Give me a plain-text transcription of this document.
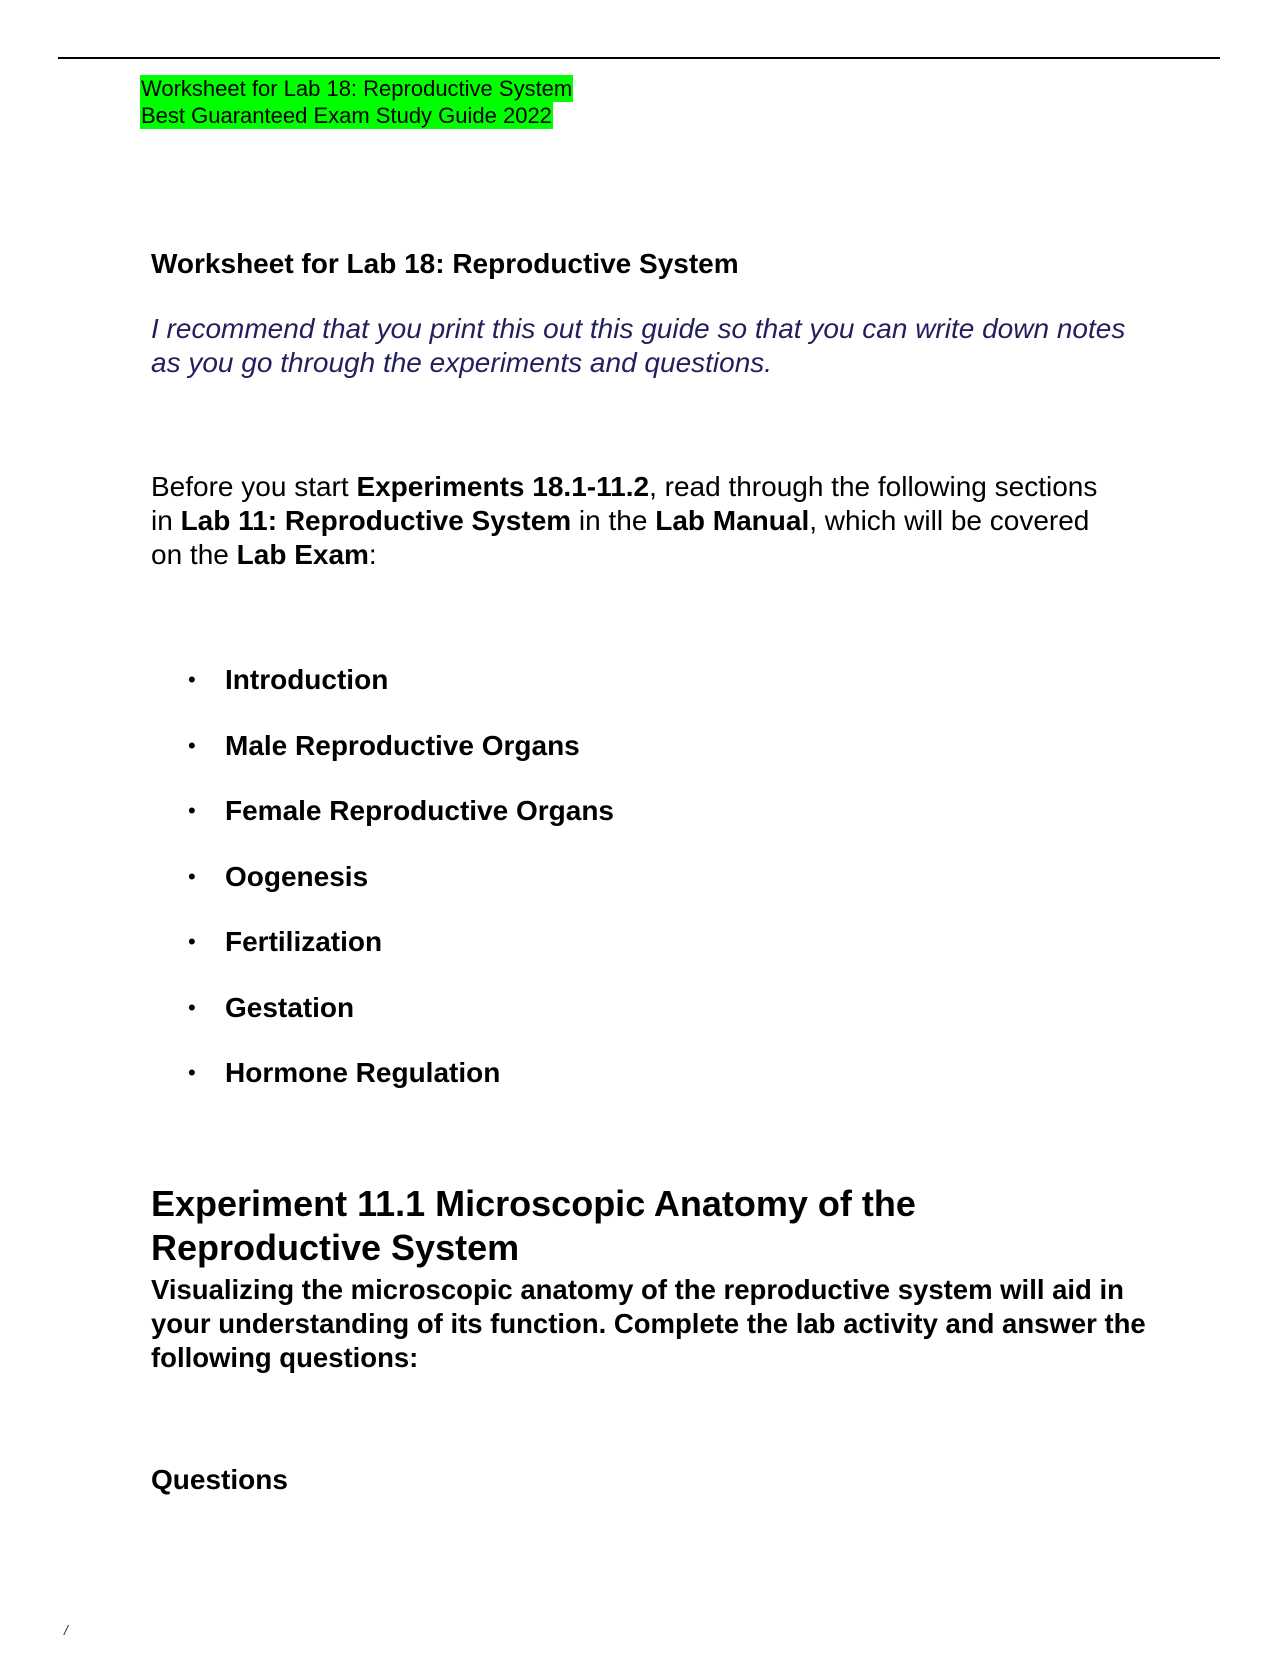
Worksheet for Lab 18: Reproductive System
Best Guaranteed Exam Study Guide 2022
Worksheet for Lab 18: Reproductive System

I recommend that you print this out this guide so that you can write down notes as you go through the experiments and questions.

Before you start Experiments 18.1-11.2, read through the following sections in Lab 11: Reproductive System in the Lab Manual, which will be covered on the Lab Exam:

•	Introduction
•	Male Reproductive Organs
•	Female Reproductive Organs
•	Oogenesis
•	Fertilization
•	Gestation
•	Hormone Regulation
Experiment 11.1 Microscopic Anatomy of the Reproductive System

Visualizing the microscopic anatomy of the reproductive system will aid in your understanding of its function. Complete the lab activity and answer the following questions:

Questions
/
